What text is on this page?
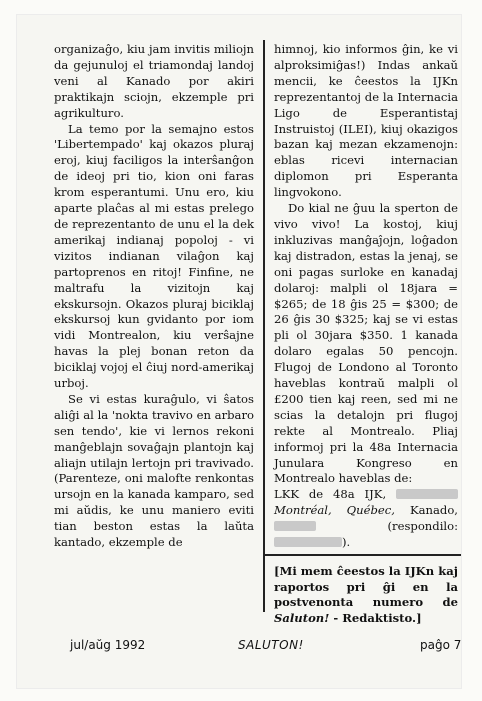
organizaĝo, kiu jam invitis miliojn da gejunuloj el triamondaj landoj veni al Kanado por akiri praktikajn sciojn, ekzemple pri agrikulturo.

La temo por la semajno estos 'Libertempado' kaj okazos pluraj eroj, kiuj faciligos la interŝanĝon de ideoj pri tio, kion oni faras krom esperantumi. Unu ero, kiu aparte plaĉas al mi estas prelego de reprezentanto de unu el la dek amerikaj indianaj popoloj - vi vizitos indianan vilaĝon kaj partoprenos en ritoj! Finfine, ne maltrafu la vizitojn kaj ekskursojn. Okazos pluraj biciklaj ekskursoj kun gvidanto por iom vidi Montrealon, kiu verŝajne havas la plej bonan reton da biciklaj vojoj el ĉiuj nord-amerikaj urboj.

Se vi estas kuraĝulo, vi ŝatos aliĝi al la 'nokta travivo en arbaro sen tendo', kie vi lernos rekoni manĝeblajn sovaĝajn plantojn kaj aliajn utilajn lertojn pri travivado. (Parenteze, oni malofte renkontas ursojn en la kanada kamparo, sed mi aŭdis, ke unu maniero eviti tian beston estas la laŭta kantado, ekzemple de

himnoj, kio informos ĝin, ke vi alproksimiĝas!) Indas ankaŭ mencii, ke ĉeestos la IJKn reprezentantoj de la Internacia Ligo de Esperantistaj Instruistoj (ILEI), kiuj okazigos bazan kaj mezan ekzamenojn: eblas ricevi internacian diplomon pri Esperanta lingvokono.

Do kial ne ĝuu la sperton de vivo vivo! La kostoj, kiuj inkluzivas manĝaĵojn, loĝadon kaj distradon, estas la jenaj, se oni pagas surloke en kanadaj dolaroj: malpli ol 18jara = $265; de 18 ĝis 25 = $300; de 26 ĝis 30 $325; kaj se vi estas pli ol 30jara $350. 1 kanada dolaro egalas 50 pencojn. Flugoj de Londono al Toronto haveblas kontraŭ malpli ol £200 tien kaj reen, sed mi ne scias la detalojn pri flugoj rekte al Montrealo. Pliaj informoj pri la 48a Internacia Junulara Kongreso en Montrealo haveblas de:

LKK de 48a IJK,  Montréal, Québec, Kanado,  (respondilo: ).
[Mi mem ĉeestos la IJKn kaj raportos pri ĝi en la postvenonta numero de Saluton! - Redaktisto.]
jul/aŭg 1992	SALUTON!	paĝo 7
